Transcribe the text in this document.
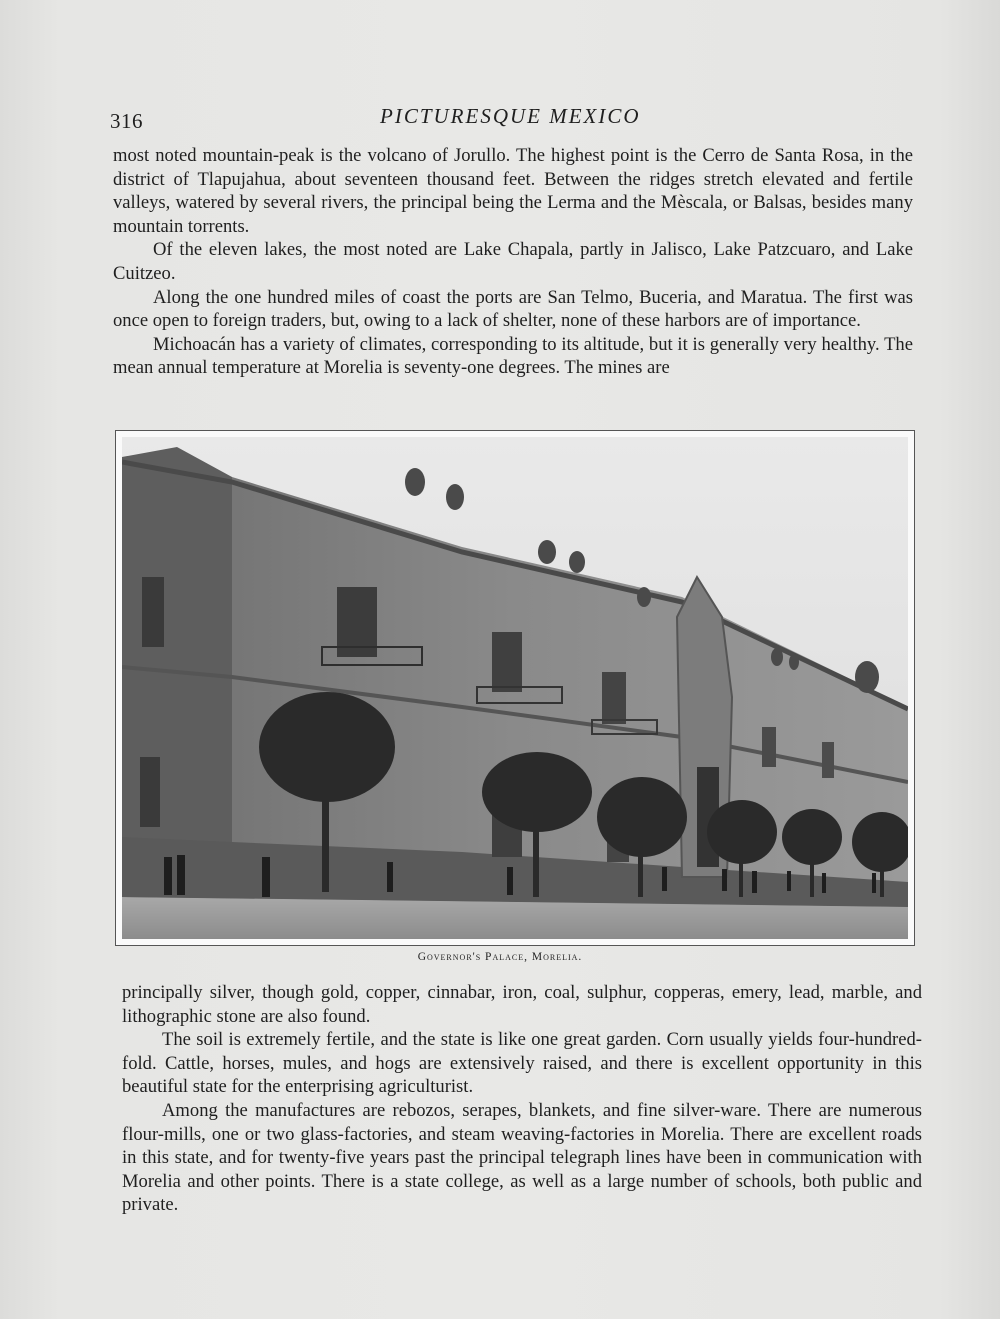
316	PICTURESQUE MEXICO

most noted mountain-peak is the volcano of Jorullo. The highest point is the Cerro de Santa Rosa, in the district of Tlapujahua, about seventeen thousand feet. Between the ridges stretch elevated and fertile valleys, watered by several rivers, the principal being the Lerma and the Mèscala, or Balsas, besides many mountain torrents.

Of the eleven lakes, the most noted are Lake Chapala, partly in Jalisco, Lake Patzcuaro, and Lake Cuitzeo.

Along the one hundred miles of coast the ports are San Telmo, Buceria, and Maratua. The first was once open to foreign traders, but, owing to a lack of shelter, none of these harbors are of importance.

Michoacán has a variety of climates, corresponding to its altitude, but it is generally very healthy. The mean annual temperature at Morelia is seventy-one degrees. The mines are

Governor's Palace, Morelia.

principally silver, though gold, copper, cinnabar, iron, coal, sulphur, copperas, emery, lead, marble, and lithographic stone are also found.

The soil is extremely fertile, and the state is like one great garden. Corn usually yields four-hundred-fold. Cattle, horses, mules, and hogs are extensively raised, and there is excellent opportunity in this beautiful state for the enterprising agriculturist.

Among the manufactures are rebozos, serapes, blankets, and fine silver-ware. There are numerous flour-mills, one or two glass-factories, and steam weaving-factories in Morelia. There are excellent roads in this state, and for twenty-five years past the principal telegraph lines have been in communication with Morelia and other points. There is a state college, as well as a large number of schools, both public and private.
